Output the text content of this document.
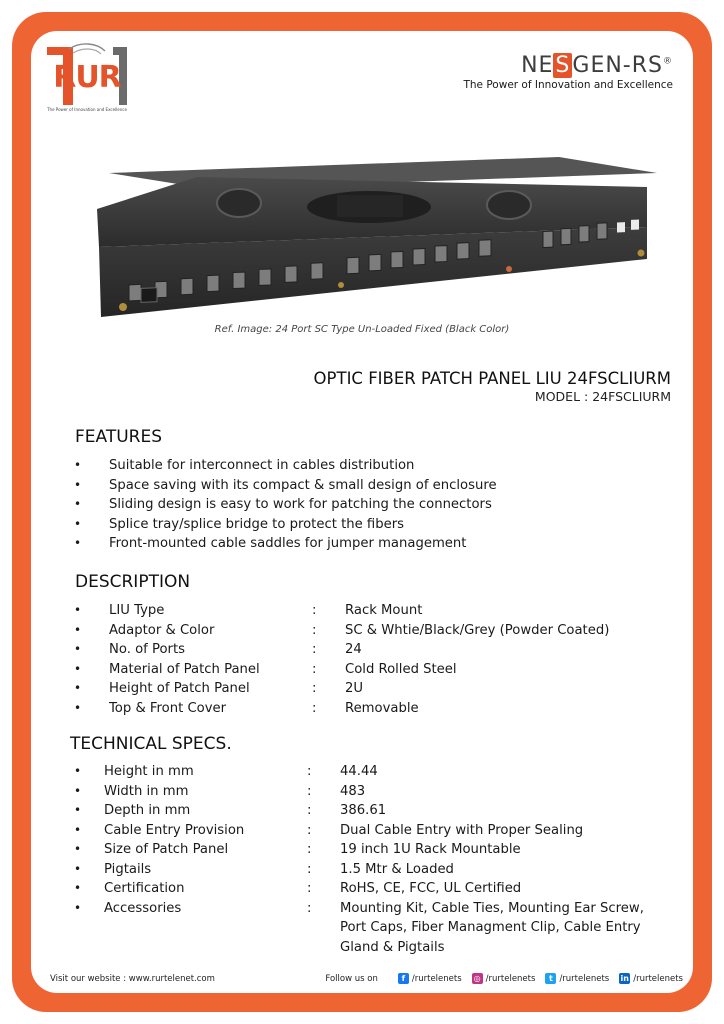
RUR
The Power of Innovation and Excellence
NESGEN-RS®
The Power of Innovation and Excellence
Ref. Image: 24 Port SC Type Un-Loaded Fixed (Black Color)
OPTIC FIBER PATCH PANEL LIU 24FSCLIURM
MODEL : 24FSCLIURM
FEATURES
• Suitable for interconnect in cables distribution
• Space saving with its compact & small design of enclosure
• Sliding design is easy to work for patching the connectors
• Splice tray/splice bridge to protect the fibers
• Front-mounted cable saddles for jumper management
DESCRIPTION
• LIU Type	: Rack Mount
• Adaptor & Color	: SC & Whtie/Black/Grey (Powder Coated)
• No. of Ports	: 24
• Material of Patch Panel	: Cold Rolled Steel
• Height of Patch Panel	: 2U
• Top & Front Cover	: Removable
TECHNICAL SPECS.
• Height in mm	: 44.44
• Width in mm	: 483
• Depth in mm	: 386.61
• Cable Entry Provision	: Dual Cable Entry with Proper Sealing
• Size of Patch Panel	: 19 inch 1U Rack Mountable
• Pigtails	: 1.5 Mtr & Loaded
• Certification	: RoHS, CE, FCC, UL Certified
• Accessories	: Mounting Kit, Cable Ties, Mounting Ear Screw, Port Caps, Fiber Managment Clip, Cable Entry Gland & Pigtails
Visit our website : www.rurtelenet.com	Follow us on	f /rurtelenets ◎ /rurtelenets	t /rurtelenets in /rurtelenets
